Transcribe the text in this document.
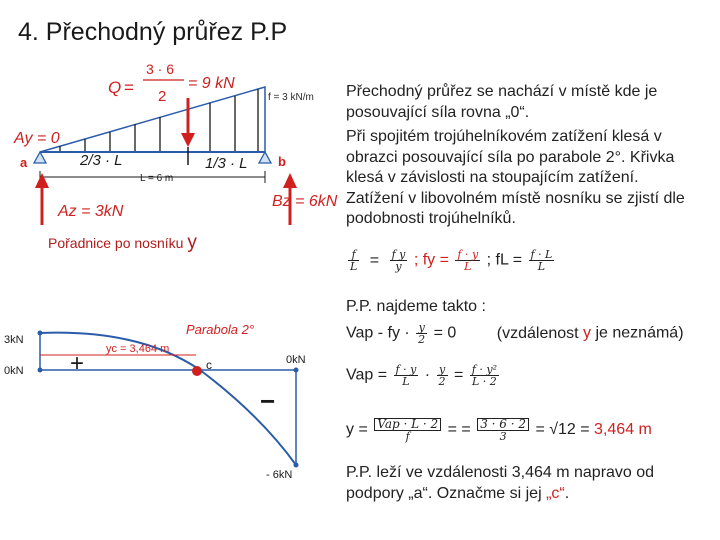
4. Přechodný průřez P.P
Q =
3 · 6
2
= 9 kN
f = 3 kN/m
Ay = 0
a	b
2/3 · L	1/3 · L
L = 6 m
Bz = 6kN
Az = 3kN
Pořadnice po nosníku y
3kN
0kN
0kN
- 6kN
+
−
yc = 3,464 m
Parabola 2°
c

Přechodný průřez se nachází v místě kde je posouvající síla rovna „0“.

Při spojitém trojúhelníkovém zatížení klesá v obrazci posouvající síla po parabole 2°. Křivka klesá v závislosti na stoupajícím zatížení. Zatížení v libovolném místě nosníku se zjistí dle podobnosti trojúhelníků.

$\frac{f}{L} = \frac{\text{f y}}{y}$ ; fy = $\frac{f \cdot y}{L}$ ; fL = $\frac{f \cdot L}{L}$
P.P. najdeme takto :
Vap - fy · $\frac{y}{2} = 0$	(vzdálenost y je neznámá)
Vap = $\frac{f \cdot y}{L} \cdot \frac{y}{2} = \frac{\text{f · y²}}{L \cdot 2}$
$y = \frac{\text{Vap · L · 2}}{f}$ = = $\frac{3 \cdot 6 \cdot 2}{3} = √12 = 3,464$ m
P.P. leží ve vzdálenosti 3,464 m napravo od podpory „a“. Označme si jej „c“.
